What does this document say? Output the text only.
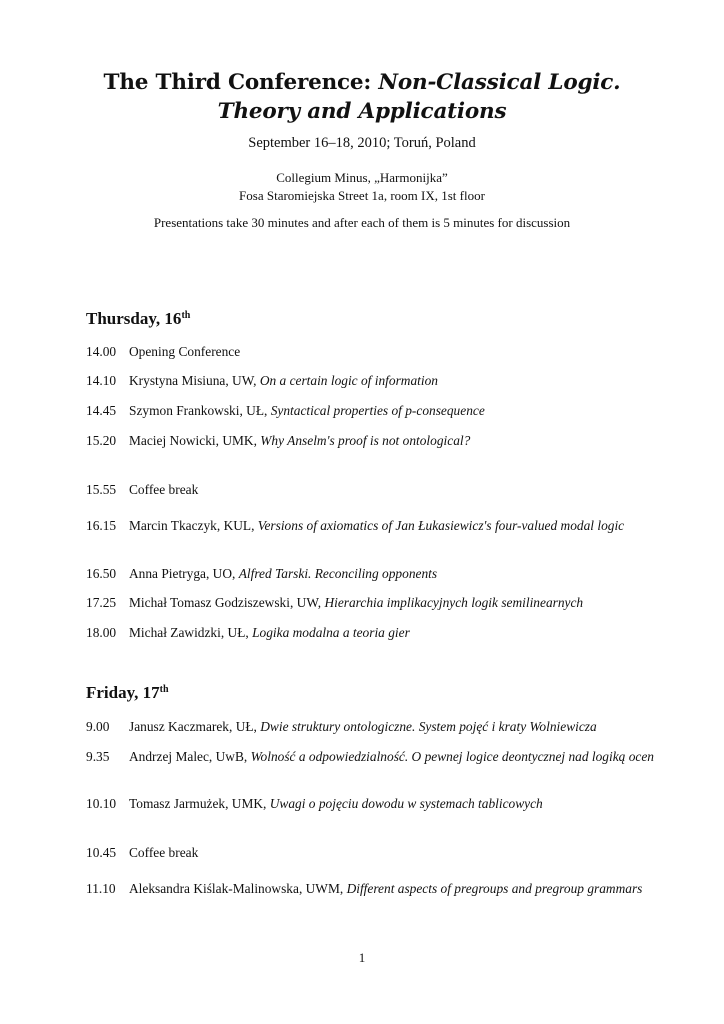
The Third Conference: Non-Classical Logic.
Theory and Applications
September 16–18, 2010; Toruń, Poland
Collegium Minus, „Harmonijka”
Fosa Staromiejska Street 1a, room IX, 1st floor
Presentations take 30 minutes and after each of them is 5 minutes for discussion
Thursday, 16th
14.00 Opening Conference
14.10 Krystyna Misiuna, UW, On a certain logic of information
14.45 Szymon Frankowski, UŁ, Syntactical properties of p-consequence
15.20 Maciej Nowicki, UMK, Why Anselm's proof is not ontological?
15.55 Coffee break
16.15 Marcin Tkaczyk, KUL, Versions of axiomatics of Jan Łukasiewicz's four-valued modal logic
16.50 Anna Pietryga, UO, Alfred Tarski. Reconciling opponents
17.25 Michał Tomasz Godziszewski, UW, Hierarchia implikacyjnych logik semilinearnych
18.00 Michał Zawidzki, UŁ, Logika modalna a teoria gier
Friday, 17th
9.00	Janusz Kaczmarek, UŁ, Dwie struktury ontologiczne. System pojęć i kraty Wolniewicza
9.35	Andrzej Malec, UwB, Wolność a odpowiedzialność. O pewnej logice deontycznej nad logiką ocen
10.10 Tomasz Jarmużek, UMK, Uwagi o pojęciu dowodu w systemach tablicowych
10.45 Coffee break
11.10 Aleksandra Kiślak-Malinowska, UWM, Different aspects of pregroups and pregroup grammars
1
